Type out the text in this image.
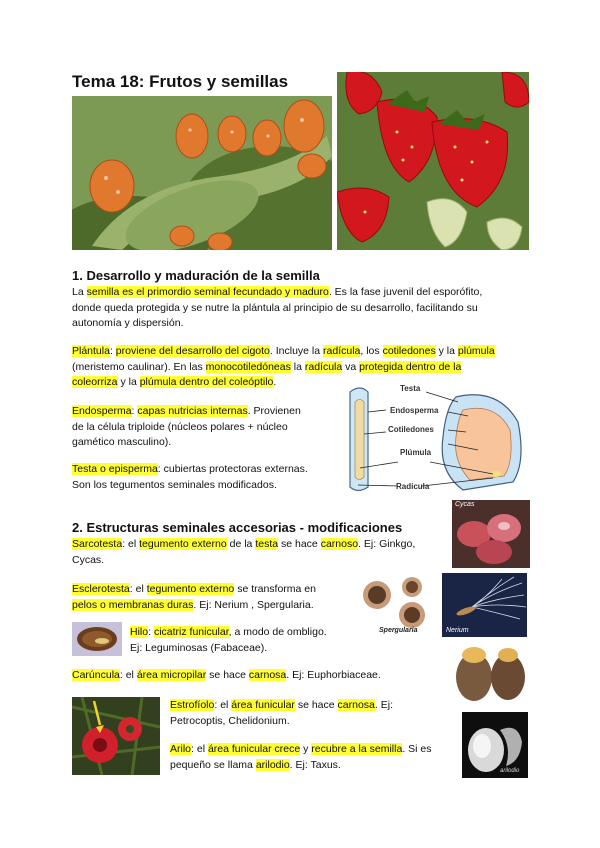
Tema 18: Frutos y semillas
1. Desarrollo y maduración de la semilla
La semilla es el primordio seminal fecundado y maduro. Es la fase juvenil del esporófito,
donde queda protegida y se nutre la plántula al principio de su desarrollo, facilitando su
autonomía y dispersión.
Plántula: proviene del desarrollo del cigoto. Incluye la radícula, los cotiledones y la plúmula
(meristemo caulinar). En las monocotiledóneas la radícula va protegida dentro de la
coleorriza y la plúmula dentro del coleóptilo.
Endosperma: capas nutricias internas. Provienen
de la célula triploide (núcleos polares + núcleo
gamético masculino).
Testa o episperma: cubiertas protectoras externas.
Son los tegumentos seminales modificados.
Testa
Endosperma
Cotiledones
Plúmula
Radícula
2. Estructuras seminales accesorias - modificaciones
Sarcotesta: el tegumento externo de la testa se hace carnoso. Ej: Ginkgo,
Cycas.
Cycas
Esclerotesta: el tegumento externo se transforma en
pelos o membranas duras. Ej: Nerium , Spergularia.
Spergularia	Nerium
Hilo: cicatriz funicular, a modo de ombligo.
Ej: Leguminosas (Fabaceae).
Carúncula: el área micropilar se hace carnosa. Ej: Euphorbiaceae.
Estrofíolo: el área funicular se hace carnosa. Ej:
Petrocoptis, Chelidonium.
arilodio
Arilo: el área funicular crece y recubre a la semilla. Si es
pequeño se llama arilodio. Ej: Taxus.
